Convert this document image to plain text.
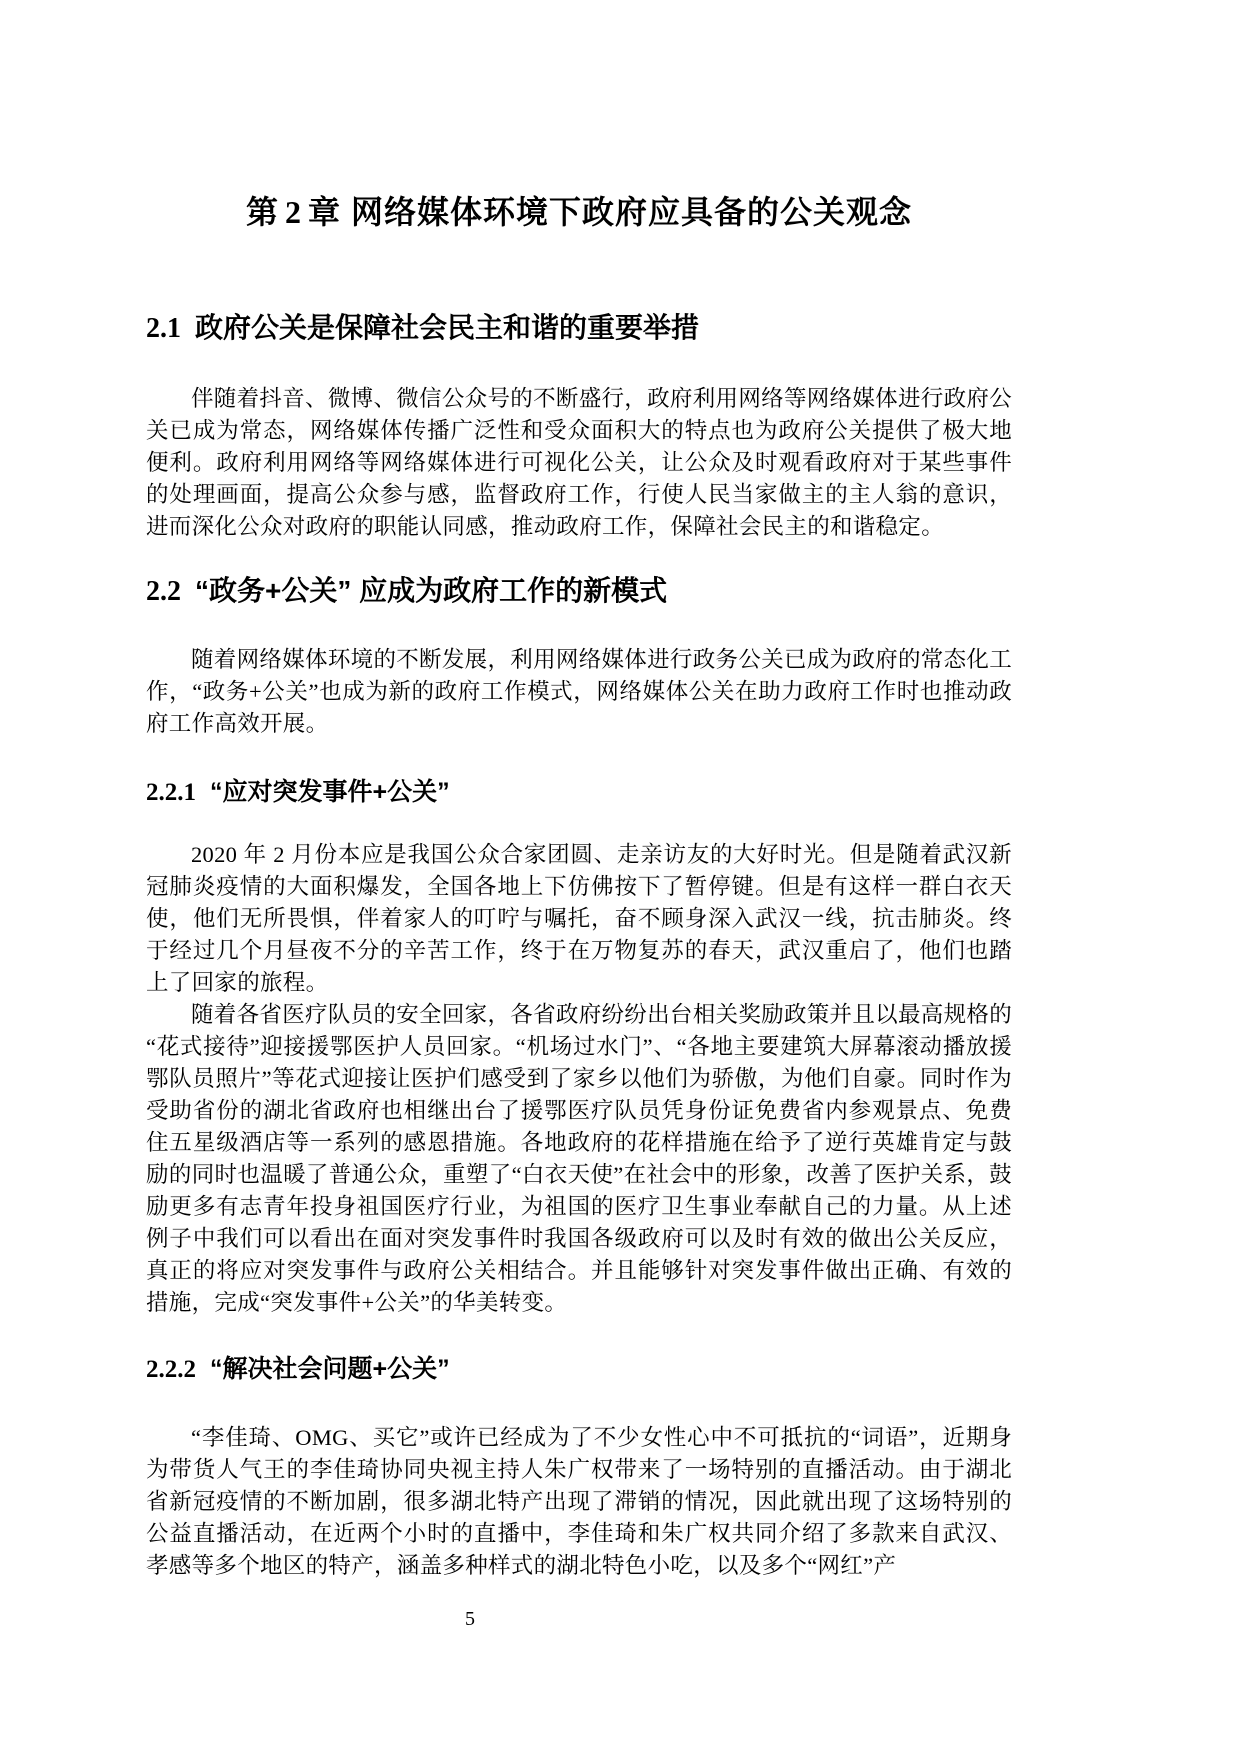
第 2 章 网络媒体环境下政府应具备的公关观念
2.1 政府公关是保障社会民主和谐的重要举措

伴随着抖音、微博、微信公众号的不断盛行，政府利用网络等网络媒体进行政府公关已成为常态，网络媒体传播广泛性和受众面积大的特点也为政府公关提供了极大地便利。政府利用网络等网络媒体进行可视化公关，让公众及时观看政府对于某些事件的处理画面，提高公众参与感，监督政府工作，行使人民当家做主的主人翁的意识，进而深化公众对政府的职能认同感，推动政府工作，保障社会民主的和谐稳定。

2.2 “政务+公关” 应成为政府工作的新模式

随着网络媒体环境的不断发展，利用网络媒体进行政务公关已成为政府的常态化工作，“政务+公关”也成为新的政府工作模式，网络媒体公关在助力政府工作时也推动政府工作高效开展。

2.2.1 “应对突发事件+公关”

2020 年 2 月份本应是我国公众合家团圆、走亲访友的大好时光。但是随着武汉新冠肺炎疫情的大面积爆发，全国各地上下仿佛按下了暂停键。但是有这样一群白衣天使，他们无所畏惧，伴着家人的叮咛与嘱托，奋不顾身深入武汉一线，抗击肺炎。终于经过几个月昼夜不分的辛苦工作，终于在万物复苏的春天，武汉重启了，他们也踏上了回家的旅程。

随着各省医疗队员的安全回家，各省政府纷纷出台相关奖励政策并且以最高规格的“花式接待”迎接援鄂医护人员回家。“机场过水门”、“各地主要建筑大屏幕滚动播放援鄂队员照片”等花式迎接让医护们感受到了家乡以他们为骄傲，为他们自豪。同时作为受助省份的湖北省政府也相继出台了援鄂医疗队员凭身份证免费省内参观景点、免费住五星级酒店等一系列的感恩措施。各地政府的花样措施在给予了逆行英雄肯定与鼓励的同时也温暖了普通公众，重塑了“白衣天使”在社会中的形象，改善了医护关系，鼓励更多有志青年投身祖国医疗行业，为祖国的医疗卫生事业奉献自己的力量。从上述例子中我们可以看出在面对突发事件时我国各级政府可以及时有效的做出公关反应，真正的将应对突发事件与政府公关相结合。并且能够针对突发事件做出正确、有效的措施，完成“突发事件+公关”的华美转变。

2.2.2 “解决社会问题+公关”

“李佳琦、OMG、买它”或许已经成为了不少女性心中不可抵抗的“词语”，近期身为带货人气王的李佳琦协同央视主持人朱广权带来了一场特别的直播活动。由于湖北省新冠疫情的不断加剧，很多湖北特产出现了滞销的情况，因此就出现了这场特别的公益直播活动，在近两个小时的直播中，李佳琦和朱广权共同介绍了多款来自武汉、孝感等多个地区的特产，涵盖多种样式的湖北特色小吃，以及多个“网红”产

5
